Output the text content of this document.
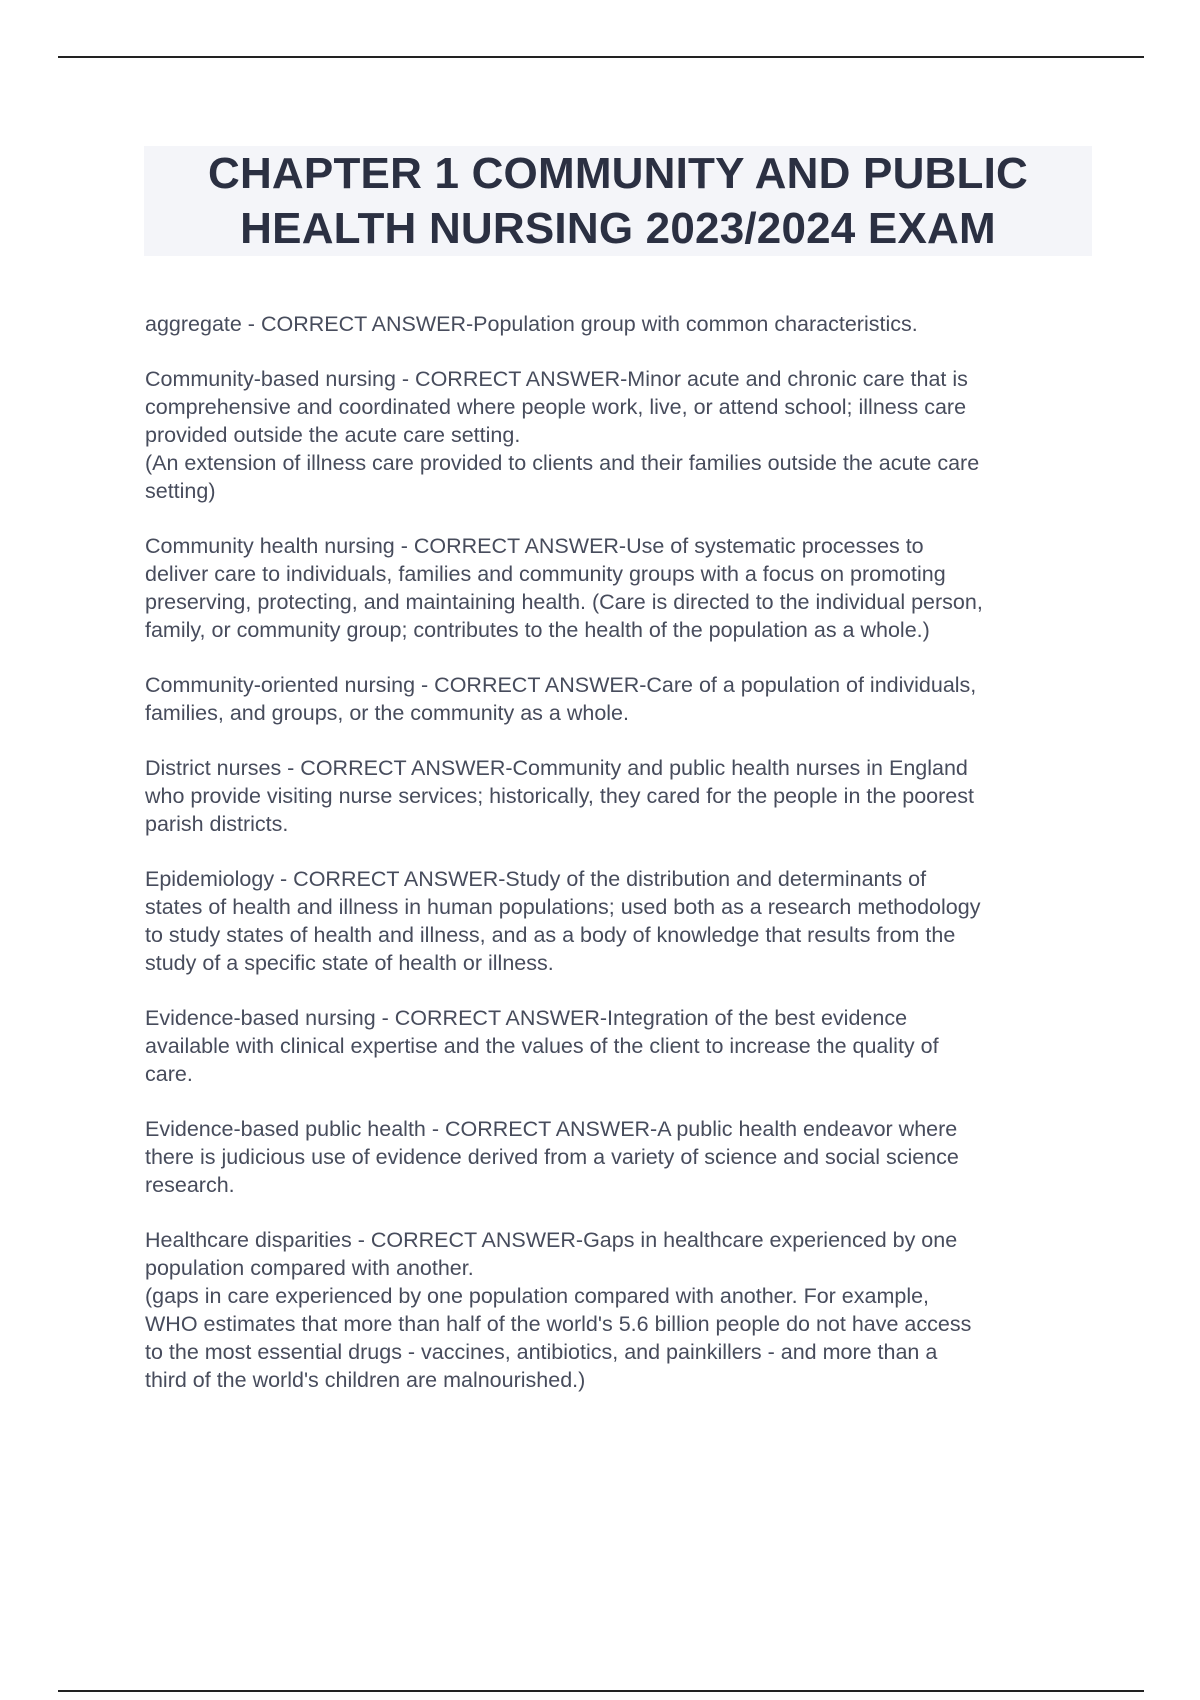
CHAPTER 1 COMMUNITY AND PUBLIC
HEALTH NURSING 2023/2024 EXAM

aggregate - CORRECT ANSWER-Population group with common characteristics.

Community-based nursing - CORRECT ANSWER-Minor acute and chronic care that is

comprehensive and coordinated where people work, live, or attend school; illness care

provided outside the acute care setting.

(An extension of illness care provided to clients and their families outside the acute care

setting)

Community health nursing - CORRECT ANSWER-Use of systematic processes to

deliver care to individuals, families and community groups with a focus on promoting

preserving, protecting, and maintaining health. (Care is directed to the individual person,

family, or community group; contributes to the health of the population as a whole.)

Community-oriented nursing - CORRECT ANSWER-Care of a population of individuals,

families, and groups, or the community as a whole.

District nurses - CORRECT ANSWER-Community and public health nurses in England

who provide visiting nurse services; historically, they cared for the people in the poorest

parish districts.

Epidemiology - CORRECT ANSWER-Study of the distribution and determinants of

states of health and illness in human populations; used both as a research methodology

to study states of health and illness, and as a body of knowledge that results from the

study of a specific state of health or illness.

Evidence-based nursing - CORRECT ANSWER-Integration of the best evidence

available with clinical expertise and the values of the client to increase the quality of

care.

Evidence-based public health - CORRECT ANSWER-A public health endeavor where

there is judicious use of evidence derived from a variety of science and social science

research.

Healthcare disparities - CORRECT ANSWER-Gaps in healthcare experienced by one

population compared with another.

(gaps in care experienced by one population compared with another. For example,

WHO estimates that more than half of the world's 5.6 billion people do not have access

to the most essential drugs - vaccines, antibiotics, and painkillers - and more than a

third of the world's children are malnourished.)
